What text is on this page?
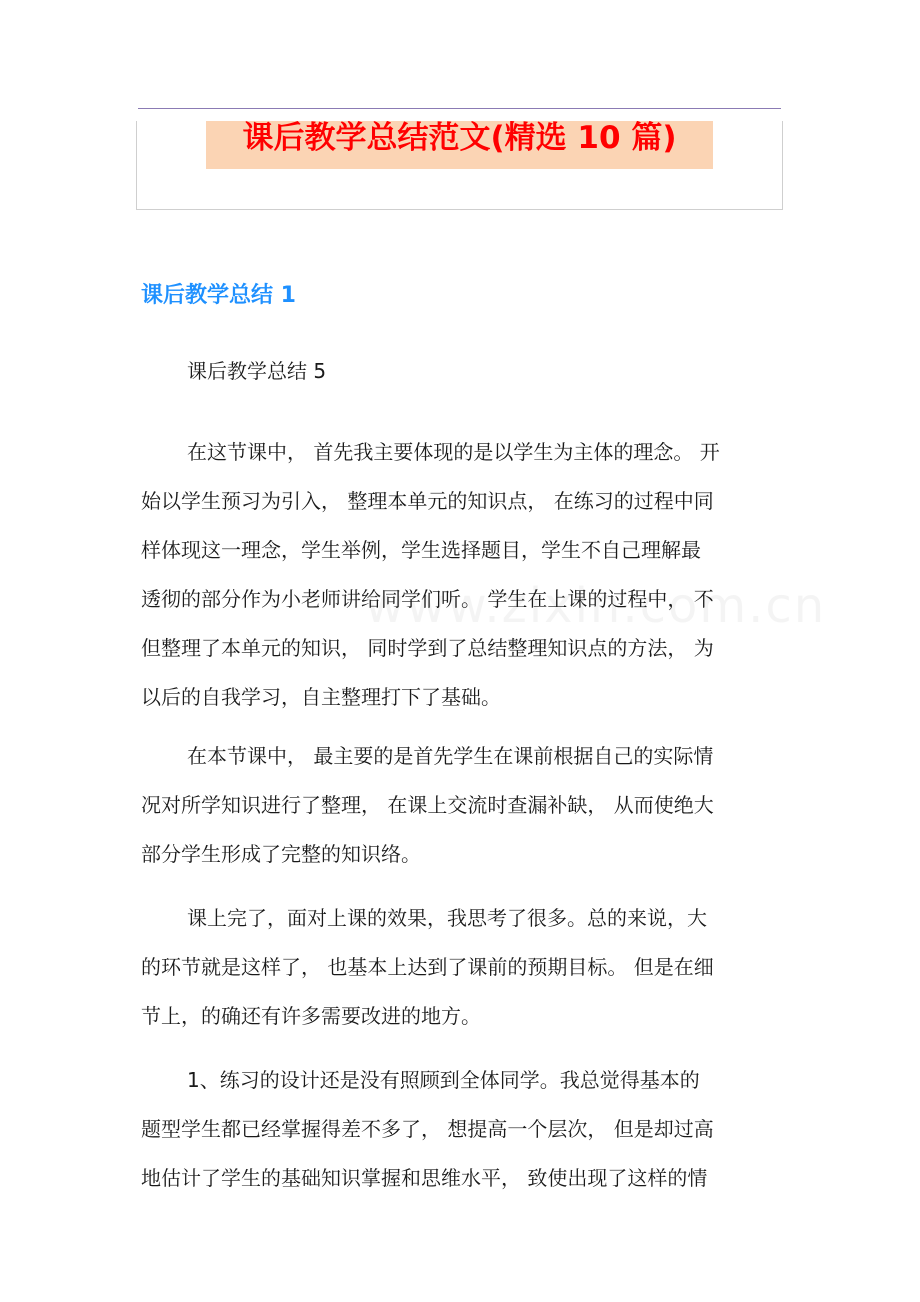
课后教学总结范文(精选 10 篇)
课后教学总结 1

课后教学总结 5

在这节课中， 首先我主要体现的是以学生为主体的理念。 开
始以学生预习为引入， 整理本单元的知识点， 在练习的过程中同
样体现这一理念，学生举例，学生选择题目，学生不自己理解最
透彻的部分作为小老师讲给同学们听。 学生在上课的过程中， 不
但整理了本单元的知识， 同时学到了总结整理知识点的方法， 为
以后的自我学习，自主整理打下了基础。
在本节课中， 最主要的是首先学生在课前根据自己的实际情
况对所学知识进行了整理， 在课上交流时查漏补缺， 从而使绝大
部分学生形成了完整的知识络。
课上完了，面对上课的效果，我思考了很多。总的来说，大
的环节就是这样了， 也基本上达到了课前的预期目标。 但是在细
节上，的确还有许多需要改进的地方。
1、练习的设计还是没有照顾到全体同学。我总觉得基本的
题型学生都已经掌握得差不多了， 想提高一个层次， 但是却过高
地估计了学生的基础知识掌握和思维水平， 致使出现了这样的情
